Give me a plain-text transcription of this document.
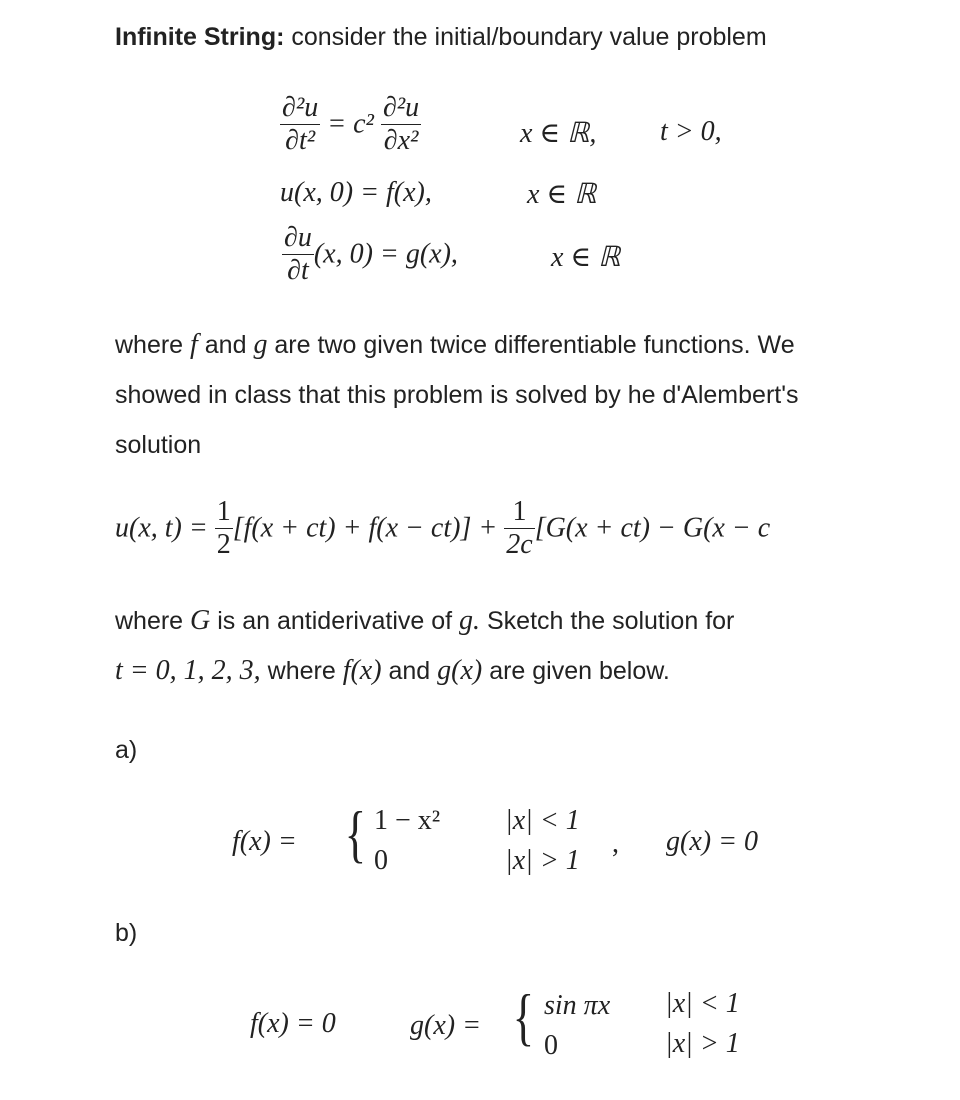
Infinite String: consider the initial/boundary value problem
$\frac{\text{∂²u}}{\text{∂t²}} = c^2 \frac{\text{∂²u}}{\text{∂x²}}$	x ∈ ℝ, t > 0,
u(x, 0) = f(x),	x ∈ ℝ
$\frac{\partial u}{\partial t} (x$, 0) = g(x),	x ∈ ℝ
where f and g are two given twice differentiable functions. We
showed in class that this problem is solved by he d'Alembert's
solution
u(x, $t) = \frac{1}{2} [f(x + ct) + f(x - ct)] + \frac{1}{2c} [G(x + ct) - G(x - c$
where G is an antiderivative of g. Sketch the solution for
t = 0, 1, 2, 3, where f(x) and g(x) are given below.
a)
f(x) = { 1 − x² |x| < 1
0	|x| > 1
, g(x) = 0
b)
f(x) = 0	g(x) = { sin πx |x| < 1
0	|x| > 1
